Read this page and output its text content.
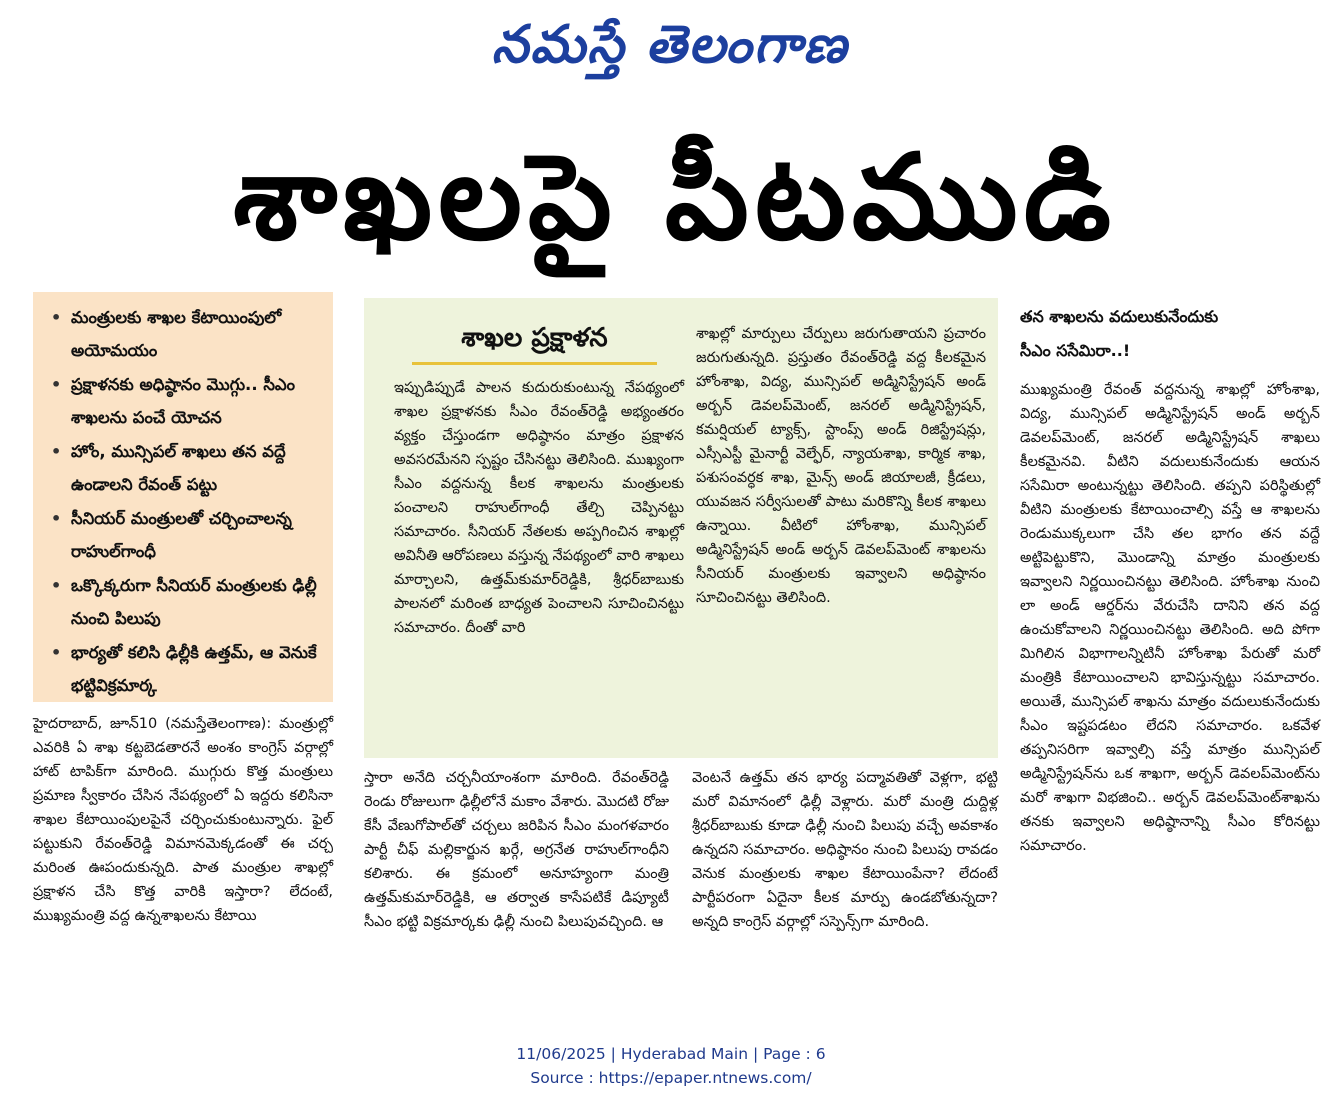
నమస్తే తెలంగాణ
శాఖలపై పీటముడి
• మంత్రులకు శాఖల కేటాయింపులో అయోమయం
• ప్రక్షాళనకు అధిష్ఠానం మొగ్గు.. సీఎం శాఖలను పంచే యోచన
• హోం, మున్సిపల్ శాఖలు తన వద్దే ఉండాలని రేవంత్ పట్టు
• సీనియర్ మంత్రులతో చర్చించాలన్న రాహుల్‌గాంధీ
• ఒక్కొక్కరుగా సీనియర్ మంత్రులకు ఢిల్లీ నుంచి పిలుపు
• భార్యతో కలిసి ఢిల్లీకి ఉత్తమ్, ఆ వెనుకే భట్టివిక్రమార్క
శాఖల ప్రక్షాళన

ఇప్పుడిప్పుడే పాలన కుదురుకుంటున్న నేపథ్యంలో శాఖల ప్రక్షాళనకు సీఎం రేవంత్‌రెడ్డి అభ్యంతరం వ్యక్తం చేస్తుండగా అధిష్ఠానం మాత్రం ప్రక్షాళన అవసరమేనని స్పష్టం చేసినట్టు తెలిసింది. ముఖ్యంగా సీఎం వద్దనున్న కీలక శాఖలను మంత్రులకు పంచాలని రాహుల్‌గాంధీ తేల్చి చెప్పినట్టు సమాచారం. సీనియర్ నేతలకు అప్పగించిన శాఖల్లో అవినీతి ఆరోపణలు వస్తున్న నేపథ్యంలో వారి శాఖలు మార్చాలని, ఉత్తమ్‌కుమార్‌రెడ్డికి, శ్రీధర్‌బాబుకు పాలనలో మరింత బాధ్యత పెంచాలని సూచించినట్టు సమాచారం. దీంతో వారి

శాఖల్లో మార్పులు చేర్పులు జరుగుతాయని ప్రచారం జరుగుతున్నది. ప్రస్తుతం రేవంత్‌రెడ్డి వద్ద కీలకమైన హోంశాఖ, విద్య, మున్సిపల్ అడ్మినిస్ట్రేషన్ అండ్ అర్బన్ డెవలప్‌మెంట్, జనరల్ అడ్మినిస్ట్రేషన్, కమర్షియల్ ట్యాక్స్, స్టాంప్స్ అండ్ రిజిస్ట్రేషన్లు, ఎస్సీఎస్టీ మైనార్టీ వెల్ఫేర్, న్యాయశాఖ, కార్మిక శాఖ, పశుసంవర్ధక శాఖ, మైన్స్ అండ్ జియాలజీ, క్రీడలు, యువజన సర్వీసులతో పాటు మరికొన్ని కీలక శాఖలు ఉన్నాయి. వీటిలో హోంశాఖ, మున్సిపల్ అడ్మినిస్ట్రేషన్ అండ్ అర్బన్ డెవలప్‌మెంట్ శాఖలను సీనియర్ మంత్రులకు ఇవ్వాలని అధిష్ఠానం సూచించినట్టు తెలిసింది.

హైదరాబాద్, జూన్10 (నమస్తేతెలంగాణ): మంత్రుల్లో ఎవరికి ఏ శాఖ కట్టబెడతారనే అంశం కాంగ్రెస్ వర్గాల్లో హాట్ టాపిక్‌గా మారింది. ముగ్గురు కొత్త మంత్రులు ప్రమాణ స్వీకారం చేసిన నేపథ్యంలో ఏ ఇద్దరు కలిసినా శాఖల కేటాయింపులపైనే చర్చించుకుంటున్నారు. ఫైల్ పట్టుకుని రేవంత్‌రెడ్డి విమానమెక్కడంతో ఈ చర్చ మరింత ఊపందుకున్నది. పాత మంత్రుల శాఖల్లో ప్రక్షాళన చేసి కొత్త వారికి ఇస్తారా? లేదంటే, ముఖ్యమంత్రి వద్ద ఉన్నశాఖలను కేటాయి

స్తారా అనేది చర్చనీయాంశంగా మారింది. రేవంత్‌రెడ్డి రెండు రోజులుగా ఢిల్లీలోనే మకాం వేశారు. మొదటి రోజు కేసీ వేణుగోపాల్‌తో చర్చలు జరిపిన సీఎం మంగళవారం పార్టీ చీఫ్ మల్లికార్జున ఖర్గే, అగ్రనేత రాహుల్‌గాంధీని కలిశారు. ఈ క్రమంలో అనూహ్యంగా మంత్రి ఉత్తమ్‌కుమార్‌రెడ్డికి, ఆ తర్వాత కాసేపటికే డిప్యూటీ సీఎం భట్టి విక్రమార్కకు ఢిల్లీ నుంచి పిలుపువచ్చింది. ఆ

వెంటనే ఉత్తమ్ తన భార్య పద్మావతితో వెళ్లగా, భట్టి మరో విమానంలో ఢిల్లీ వెళ్లారు. మరో మంత్రి దుద్దిళ్ల శ్రీధర్‌బాబుకు కూడా ఢిల్లీ నుంచి పిలుపు వచ్చే అవకాశం ఉన్నదని సమాచారం. అధిష్ఠానం నుంచి పిలుపు రావడం వెనుక మంత్రులకు శాఖల కేటాయింపేనా? లేదంటే పార్టీపరంగా ఏదైనా కీలక మార్పు ఉండబోతున్నదా? అన్నది కాంగ్రెస్ వర్గాల్లో సస్పెన్స్‌గా మారింది.

తన శాఖలను వదులుకునేందుకు
సీఎం ససేమిరా..!

ముఖ్యమంత్రి రేవంత్ వద్దనున్న శాఖల్లో హోంశాఖ, విద్య, మున్సిపల్ అడ్మినిస్ట్రేషన్ అండ్ అర్బన్ డెవలప్‌మెంట్, జనరల్ అడ్మినిస్ట్రేషన్ శాఖలు కీలకమైనవి. వీటిని వదులుకునేందుకు ఆయన ససేమిరా అంటున్నట్టు తెలిసింది. తప్పని పరిస్థితుల్లో వీటిని మంత్రులకు కేటాయించాల్సి వస్తే ఆ శాఖలను రెండుముక్కలుగా చేసి తల భాగం తన వద్దే అట్టిపెట్టుకొని, మొండాన్ని మాత్రం మంత్రులకు ఇవ్వాలని నిర్ణయించినట్టు తెలిసింది. హోంశాఖ నుంచి లా అండ్ ఆర్డర్‌ను వేరుచేసి దానిని తన వద్ద ఉంచుకోవాలని నిర్ణయించినట్టు తెలిసింది. అది పోగా మిగిలిన విభాగాలన్నిటినీ హోంశాఖ పేరుతో మరో మంత్రికి కేటాయించాలని భావిస్తున్నట్టు సమాచారం. అయితే, మున్సిపల్ శాఖను మాత్రం వదులుకునేందుకు సీఎం ఇష్టపడటం లేదని సమాచారం. ఒకవేళ తప్పనిసరిగా ఇవ్వాల్సి వస్తే మాత్రం మున్సిపల్ అడ్మినిస్ట్రేషన్‌ను ఒక శాఖగా, అర్బన్ డెవలప్‌మెంట్‌ను మరో శాఖగా విభజించి.. అర్బన్ డెవలప్‌మెంట్‌శాఖను తనకు ఇవ్వాలని అధిష్ఠానాన్ని సీఎం కోరినట్టు సమాచారం.

11/06/2025 | Hyderabad Main | Page : 6
Source : https://epaper.ntnews.com/
